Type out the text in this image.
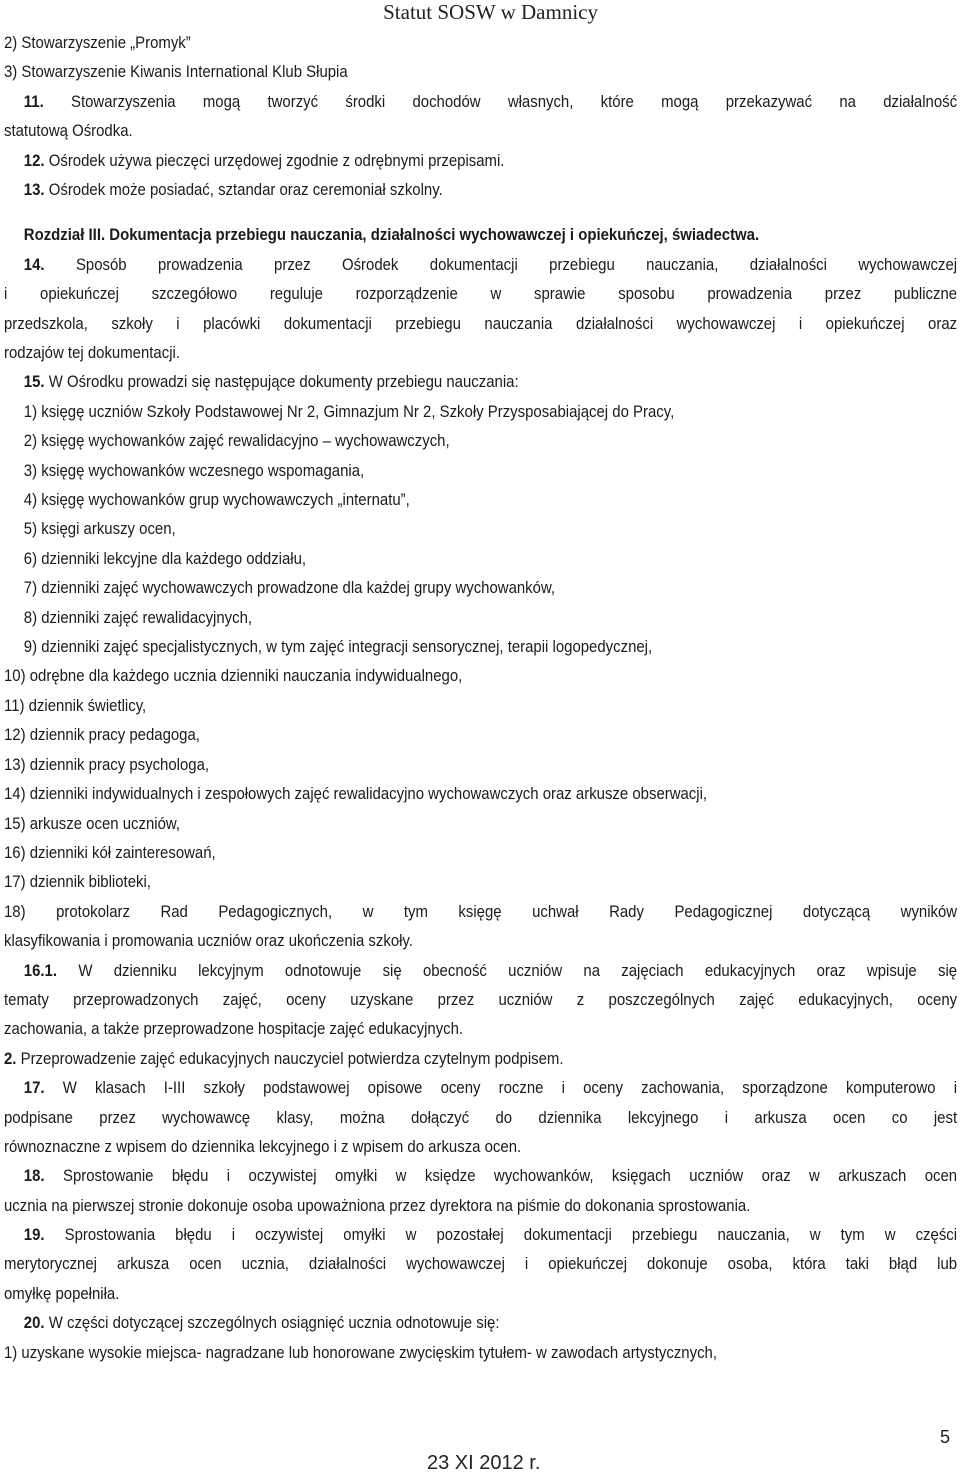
Statut SOSW w Damnicy
2) Stowarzyszenie „Promyk”
3) Stowarzyszenie Kiwanis International Klub Słupia
11. Stowarzyszenia mogą tworzyć środki dochodów własnych, które mogą przekazywać na działalność
statutową Ośrodka.
12. Ośrodek używa pieczęci urzędowej zgodnie z odrębnymi przepisami.
13. Ośrodek może posiadać, sztandar oraz ceremoniał szkolny.
Rozdział III. Dokumentacja przebiegu nauczania, działalności wychowawczej i opiekuńczej, świadectwa.
14. Sposób prowadzenia przez Ośrodek dokumentacji przebiegu nauczania, działalności wychowawczej
i opiekuńczej szczegółowo reguluje rozporządzenie w sprawie sposobu prowadzenia przez publiczne
przedszkola, szkoły i placówki dokumentacji przebiegu nauczania działalności wychowawczej i opiekuńczej oraz
rodzajów tej dokumentacji.
15. W Ośrodku prowadzi się następujące dokumenty przebiegu nauczania:
1) księgę uczniów Szkoły Podstawowej Nr 2, Gimnazjum Nr 2, Szkoły Przysposabiającej do Pracy,
2) księgę wychowanków zajęć rewalidacyjno – wychowawczych,
3) księgę wychowanków wczesnego wspomagania,
4) księgę wychowanków grup wychowawczych „internatu”,
5) księgi arkuszy ocen,
6) dzienniki lekcyjne dla każdego oddziału,
7) dzienniki zajęć wychowawczych prowadzone dla każdej grupy wychowanków,
8) dzienniki zajęć rewalidacyjnych,
9) dzienniki zajęć specjalistycznych, w tym zajęć integracji sensorycznej, terapii logopedycznej,
10) odrębne dla każdego ucznia dzienniki nauczania indywidualnego,
11) dziennik świetlicy,
12) dziennik pracy pedagoga,
13) dziennik pracy psychologa,
14) dzienniki indywidualnych i zespołowych zajęć rewalidacyjno wychowawczych oraz arkusze obserwacji,
15) arkusze ocen uczniów,
16) dzienniki kół zainteresowań,
17) dziennik biblioteki,
18) protokolarz Rad Pedagogicznych, w tym księgę uchwał Rady Pedagogicznej dotyczącą wyników
klasyfikowania i promowania uczniów oraz ukończenia szkoły.
16.1. W dzienniku lekcyjnym odnotowuje się obecność uczniów na zajęciach edukacyjnych oraz wpisuje się
tematy przeprowadzonych zajęć, oceny uzyskane przez uczniów z poszczególnych zajęć edukacyjnych, oceny
zachowania, a także przeprowadzone hospitacje zajęć edukacyjnych.
2. Przeprowadzenie zajęć edukacyjnych nauczyciel potwierdza czytelnym podpisem.
17. W klasach I-III szkoły podstawowej opisowe oceny roczne i oceny zachowania, sporządzone komputerowo i
podpisane przez wychowawcę klasy, można dołączyć do dziennika lekcyjnego i arkusza ocen co jest
równoznaczne z wpisem do dziennika lekcyjnego i z wpisem do arkusza ocen.
18. Sprostowanie błędu i oczywistej omyłki w księdze wychowanków, księgach uczniów oraz w arkuszach ocen
ucznia na pierwszej stronie dokonuje osoba upoważniona przez dyrektora na piśmie do dokonania sprostowania.
19. Sprostowania błędu i oczywistej omyłki w pozostałej dokumentacji przebiegu nauczania, w tym w części
merytorycznej arkusza ocen ucznia, działalności wychowawczej i opiekuńczej dokonuje osoba, która taki błąd lub
omyłkę popełniła.
20. W części dotyczącej szczególnych osiągnięć ucznia odnotowuje się:
1) uzyskane wysokie miejsca- nagradzane lub honorowane zwycięskim tytułem- w zawodach artystycznych,
5
23 XI 2012 r.
